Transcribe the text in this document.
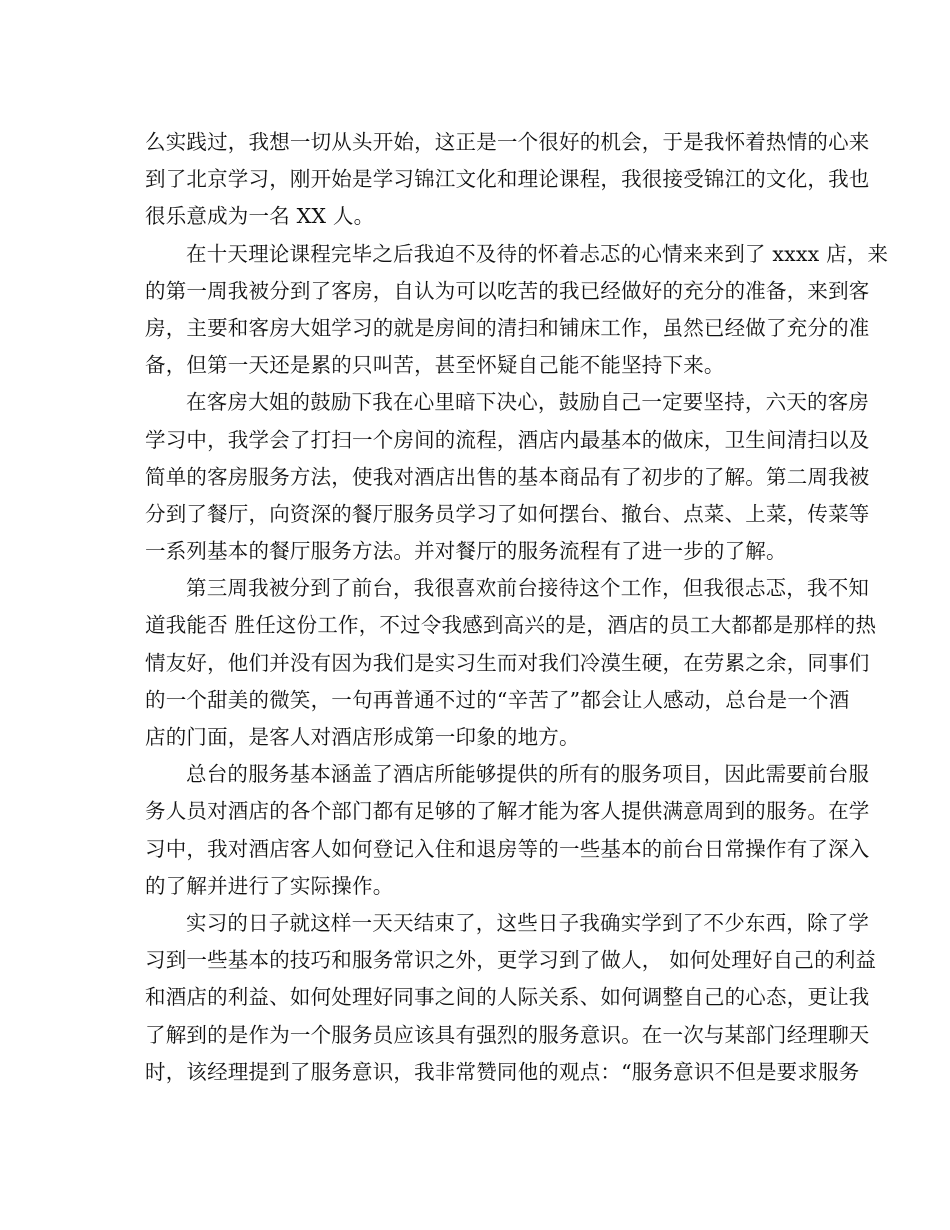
么实践过，我想一切从头开始，这正是一个很好的机会，于是我怀着热情的心来
到了北京学习，刚开始是学习锦江文化和理论课程，我很接受锦江的文化，我也
很乐意成为一名 XX 人。
在十天理论课程完毕之后我迫不及待的怀着忐忑的心情来来到了 xxxx 店，来
的第一周我被分到了客房，自认为可以吃苦的我已经做好的充分的准备，来到客
房，主要和客房大姐学习的就是房间的清扫和铺床工作，虽然已经做了充分的准
备，但第一天还是累的只叫苦，甚至怀疑自己能不能坚持下来。
在客房大姐的鼓励下我在心里暗下决心，鼓励自己一定要坚持，六天的客房
学习中，我学会了打扫一个房间的流程，酒店内最基本的做床，卫生间清扫以及
简单的客房服务方法，使我对酒店出售的基本商品有了初步的了解。第二周我被
分到了餐厅，向资深的餐厅服务员学习了如何摆台、撤台、点菜、上菜，传菜等
一系列基本的餐厅服务方法。并对餐厅的服务流程有了进一步的了解。
第三周我被分到了前台，我很喜欢前台接待这个工作，但我很忐忑，我不知
道我能否 胜任这份工作，不过令我感到高兴的是，酒店的员工大都都是那样的热
情友好，他们并没有因为我们是实习生而对我们冷漠生硬，在劳累之余，同事们
的一个甜美的微笑，一句再普通不过的“辛苦了”都会让人感动，总台是一个酒
店的门面，是客人对酒店形成第一印象的地方。
总台的服务基本涵盖了酒店所能够提供的所有的服务项目，因此需要前台服
务人员对酒店的各个部门都有足够的了解才能为客人提供满意周到的服务。在学
习中，我对酒店客人如何登记入住和退房等的一些基本的前台日常操作有了深入
的了解并进行了实际操作。
实习的日子就这样一天天结束了，这些日子我确实学到了不少东西，除了学
习到一些基本的技巧和服务常识之外，更学习到了做人， 如何处理好自己的利益
和酒店的利益、如何处理好同事之间的人际关系、如何调整自己的心态，更让我
了解到的是作为一个服务员应该具有强烈的服务意识。在一次与某部门经理聊天
时，该经理提到了服务意识，我非常赞同他的观点：“服务意识不但是要求服务
